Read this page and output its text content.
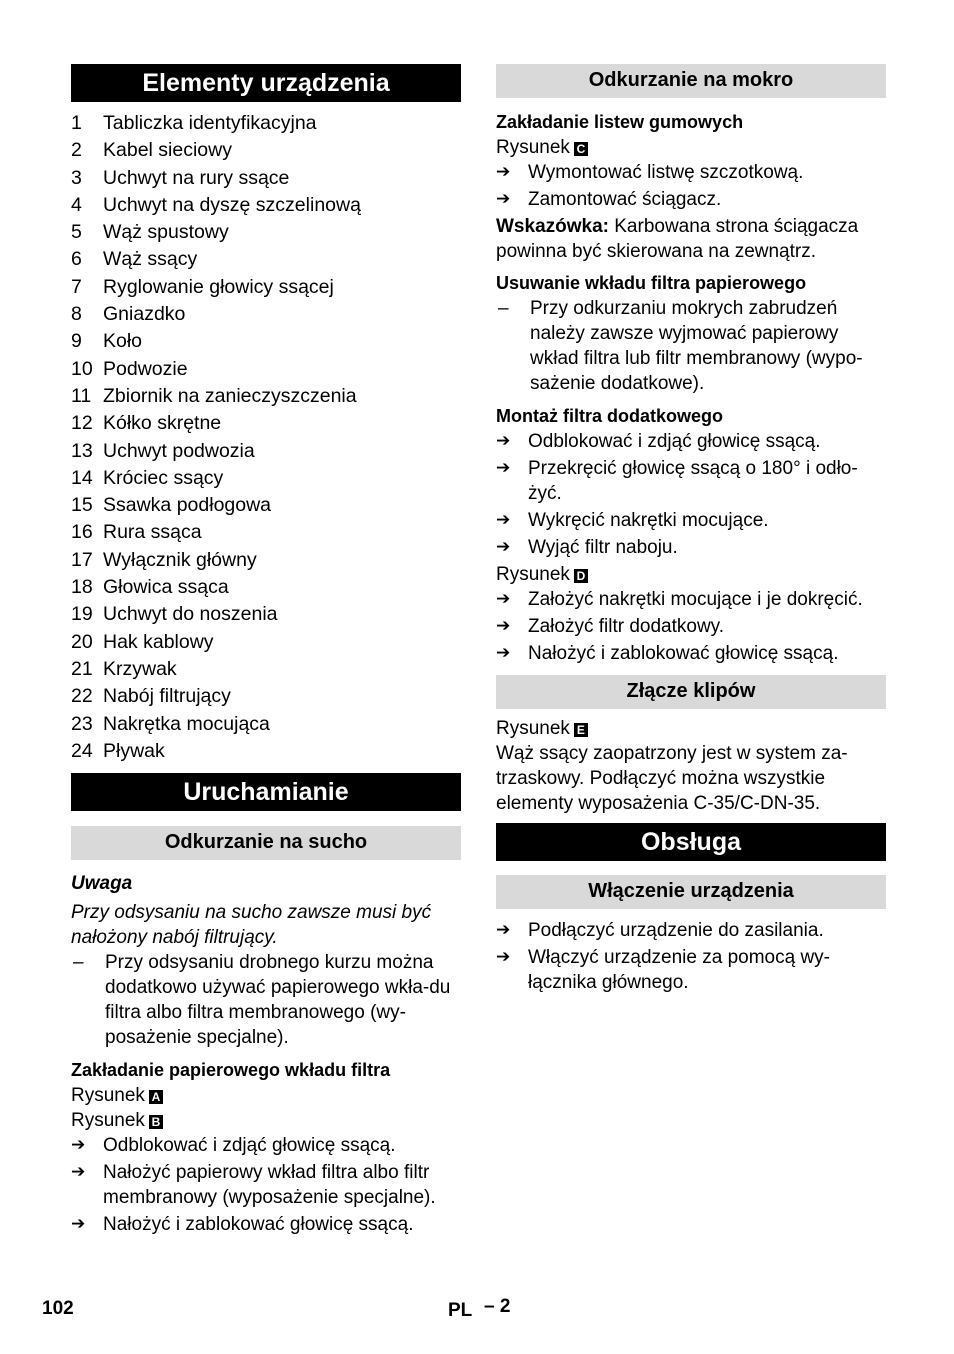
Elementy urządzenia
1	Tabliczka identyfikacyjna
2	Kabel sieciowy
3	Uchwyt na rury ssące
4	Uchwyt na dyszę szczelinową
5	Wąż spustowy
6	Wąż ssący
7	Ryglowanie głowicy ssącej
8	Gniazdko
9	Koło
10 Podwozie
11 Zbiornik na zanieczyszczenia
12 Kółko skrętne
13 Uchwyt podwozia
14 Króciec ssący
15 Ssawka podłogowa
16 Rura ssąca
17 Wyłącznik główny
18 Głowica ssąca
19 Uchwyt do noszenia
20 Hak kablowy
21 Krzywak
22 Nabój filtrujący
23 Nakrętka mocująca
24 Pływak
Uruchamianie
Odkurzanie na sucho
Uwaga
Przy odsysaniu na sucho zawsze musi być nałożony nabój filtrujący.
–	Przy odsysaniu drobnego kurzu można dodatkowo używać papierowego wkła-du filtra albo filtra membranowego (wy-posażenie specjalne).
Zakładanie papierowego wkładu filtra
Rysunek A
Rysunek B
➔ Odblokować i zdjąć głowicę ssącą.
➔ Nałożyć papierowy wkład filtra albo filtr membranowy (wyposażenie specjalne).
➔ Nałożyć i zablokować głowicę ssącą.
Odkurzanie na mokro
Zakładanie listew gumowych
Rysunek C
➔ Wymontować listwę szczotkową.
➔ Zamontować ściągacz.
Wskazówka: Karbowana strona ściągacza powinna być skierowana na zewnątrz.
Usuwanie wkładu filtra papierowego
–	Przy odkurzaniu mokrych zabrudzeń należy zawsze wyjmować papierowy wkład filtra lub filtr membranowy (wypo-sażenie dodatkowe).
Montaż filtra dodatkowego
➔ Odblokować i zdjąć głowicę ssącą.
➔ Przekręcić głowicę ssącą o 180° i odło-żyć.
➔ Wykręcić nakrętki mocujące.
➔ Wyjąć filtr naboju.
Rysunek D
➔ Założyć nakrętki mocujące i je dokręcić.
➔ Założyć filtr dodatkowy.
➔ Nałożyć i zablokować głowicę ssącą.
Złącze klipów
Rysunek E
Wąż ssący zaopatrzony jest w system za-trzaskowy. Podłączyć można wszystkie elementy wyposażenia C-35/C-DN-35.
Obsługa
Włączenie urządzenia
➔ Podłączyć urządzenie do zasilania.
➔ Włączyć urządzenie za pomocą wy-łącznika głównego.
102	PL – 2
